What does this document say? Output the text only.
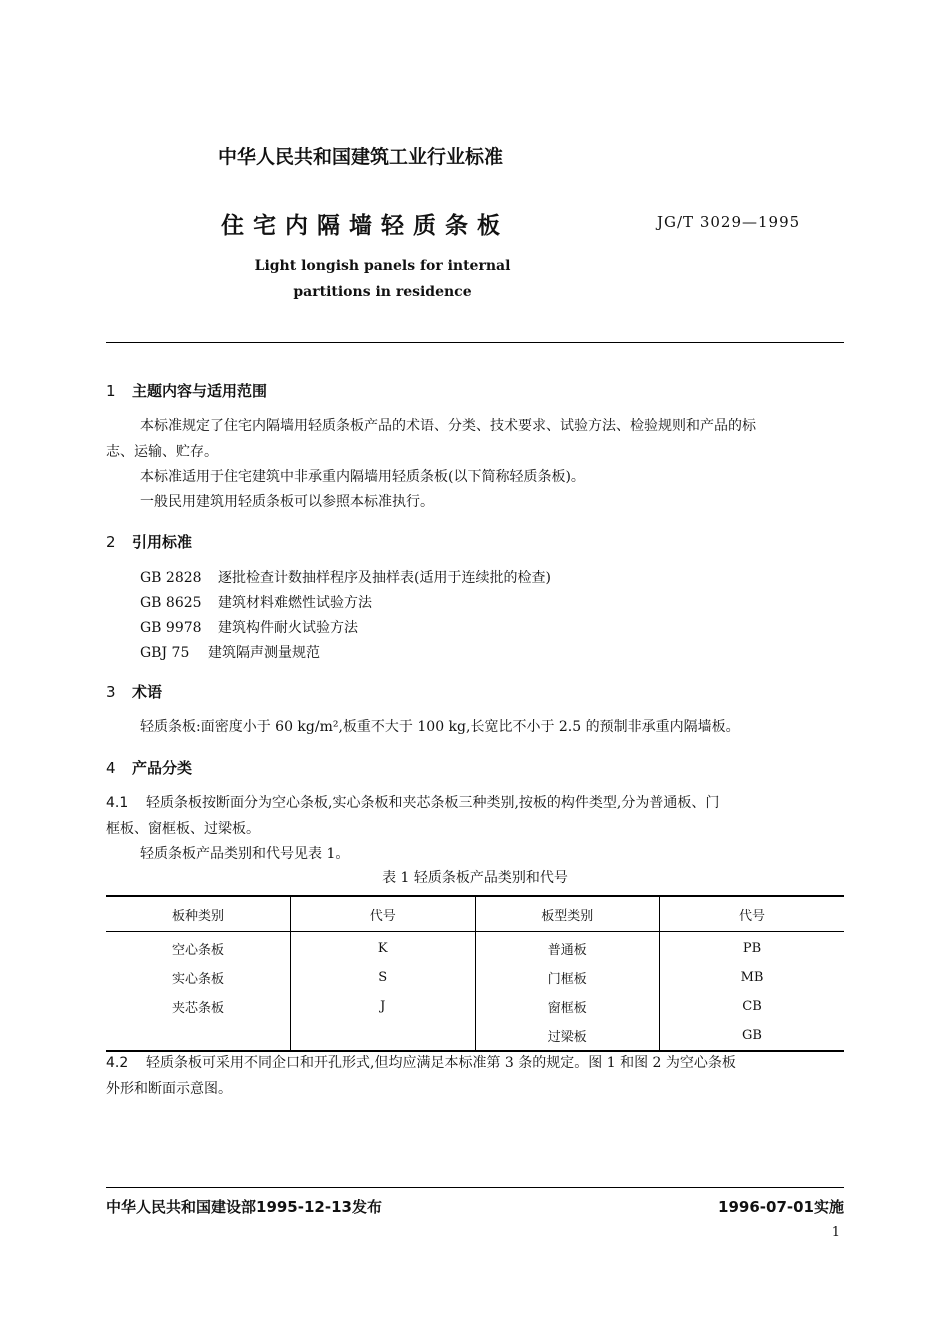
中华人民共和国建筑工业行业标准
住宅内隔墙轻质条板	JG/T 3029—1995
Light longish panels for internal
partitions in residence
1 主题内容与适用范围
本标准规定了住宅内隔墙用轻质条板产品的术语、分类、技术要求、试验方法、检验规则和产品的标
志、运输、贮存。
本标准适用于住宅建筑中非承重内隔墙用轻质条板(以下简称轻质条板)。
一般民用建筑用轻质条板可以参照本标准执行。
2 引用标准
GB 2828 逐批检查计数抽样程序及抽样表(适用于连续批的检查)
GB 8625 建筑材料难燃性试验方法
GB 9978 建筑构件耐火试验方法
GBJ 75 建筑隔声测量规范
3 术语
轻质条板:面密度小于 60 kg/m²,板重不大于 100 kg,长宽比不小于 2.5 的预制非承重内隔墙板。
4 产品分类
4.1 轻质条板按断面分为空心条板,实心条板和夹芯条板三种类别,按板的构件类型,分为普通板、门
框板、窗框板、过梁板。
轻质条板产品类别和代号见表 1。
表 1 轻质条板产品类别和代号
板种类别	代号	板型类别	代号
空心条板	K	普通板	PB
实心条板	S	门框板	MB
夹芯条板	J	窗框板	CB
		过梁板	GB
4.2 轻质条板可采用不同企口和开孔形式,但均应满足本标准第 3 条的规定。图 1 和图 2 为空心条板
外形和断面示意图。
中华人民共和国建设部1995-12-13发布	1996-07-01实施
1
